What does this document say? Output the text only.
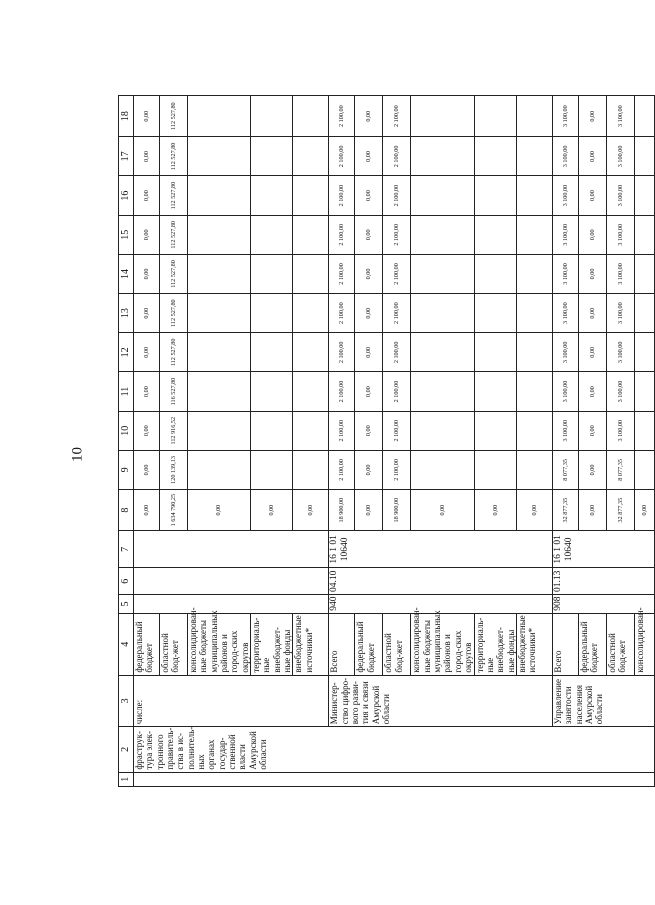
10
1	2	3	4	5	6	7	8	9	10	11	12	13	14	15	16	17	18
	фраструк-тура элек-тронного правитель-ства в ис-полнитель-ных органах государ-ственной власти Амурской области	числе:	федеральный бюджет				0,00	0,00	0,00	0,00	0,00	0,00	0,00	0,00	0,00	0,00	0,00
			областной бюд-жет				1 634 790,25	120 139,13	112 916,52	116 527,80	112 527,80	112 527,80	112 527,80	112 527,80	112 527,80	112 527,80	112 527,80
			консолидирован-ные бюджеты муниципальных районов и город-ских округов				0,00										
			территориаль-ные внебюджет-ные фонды				0,00										
			внебюджетные источники*				0,00										
		Министер-ство цифро-вого разви-тия и связи Амурской области	Всего	940	04.10	16 1 01 10640	18 900,00	2 100,00	2 100,00	2 100,00	2 100,00	2 100,00	2 100,00	2 100,00	2 100,00	2 100,00	2 100,00
			федеральный бюджет				0,00	0,00	0,00	0,00	0,00	0,00	0,00	0,00	0,00	0,00	0,00
			областной бюд-жет				18 900,00	2 100,00	2 100,00	2 100,00	2 100,00	2 100,00	2 100,00	2 100,00	2 100,00	2 100,00	2 100,00
			консолидирован-ные бюджеты муниципальных районов и город-ских округов				0,00										
			территориаль-ные внебюджет-ные фонды				0,00										
			внебюджетные источники*				0,00										
		Управление занятости населения Амурской области	Всего	908	01.13	16 1 01 10640	32 877,35	8 077,35	3 100,00	3 100,00	3 100,00	3 100,00	3 100,00	3 100,00	3 100,00	3 100,00	3 100,00
			федеральный бюджет				0,00	0,00	0,00	0,00	0,00	0,00	0,00	0,00	0,00	0,00	0,00
			областной бюд-жет				32 877,35	8 077,35	3 100,00	3 100,00	3 100,00	3 100,00	3 100,00	3 100,00	3 100,00	3 100,00	3 100,00
			консолидирован-				0,00										
